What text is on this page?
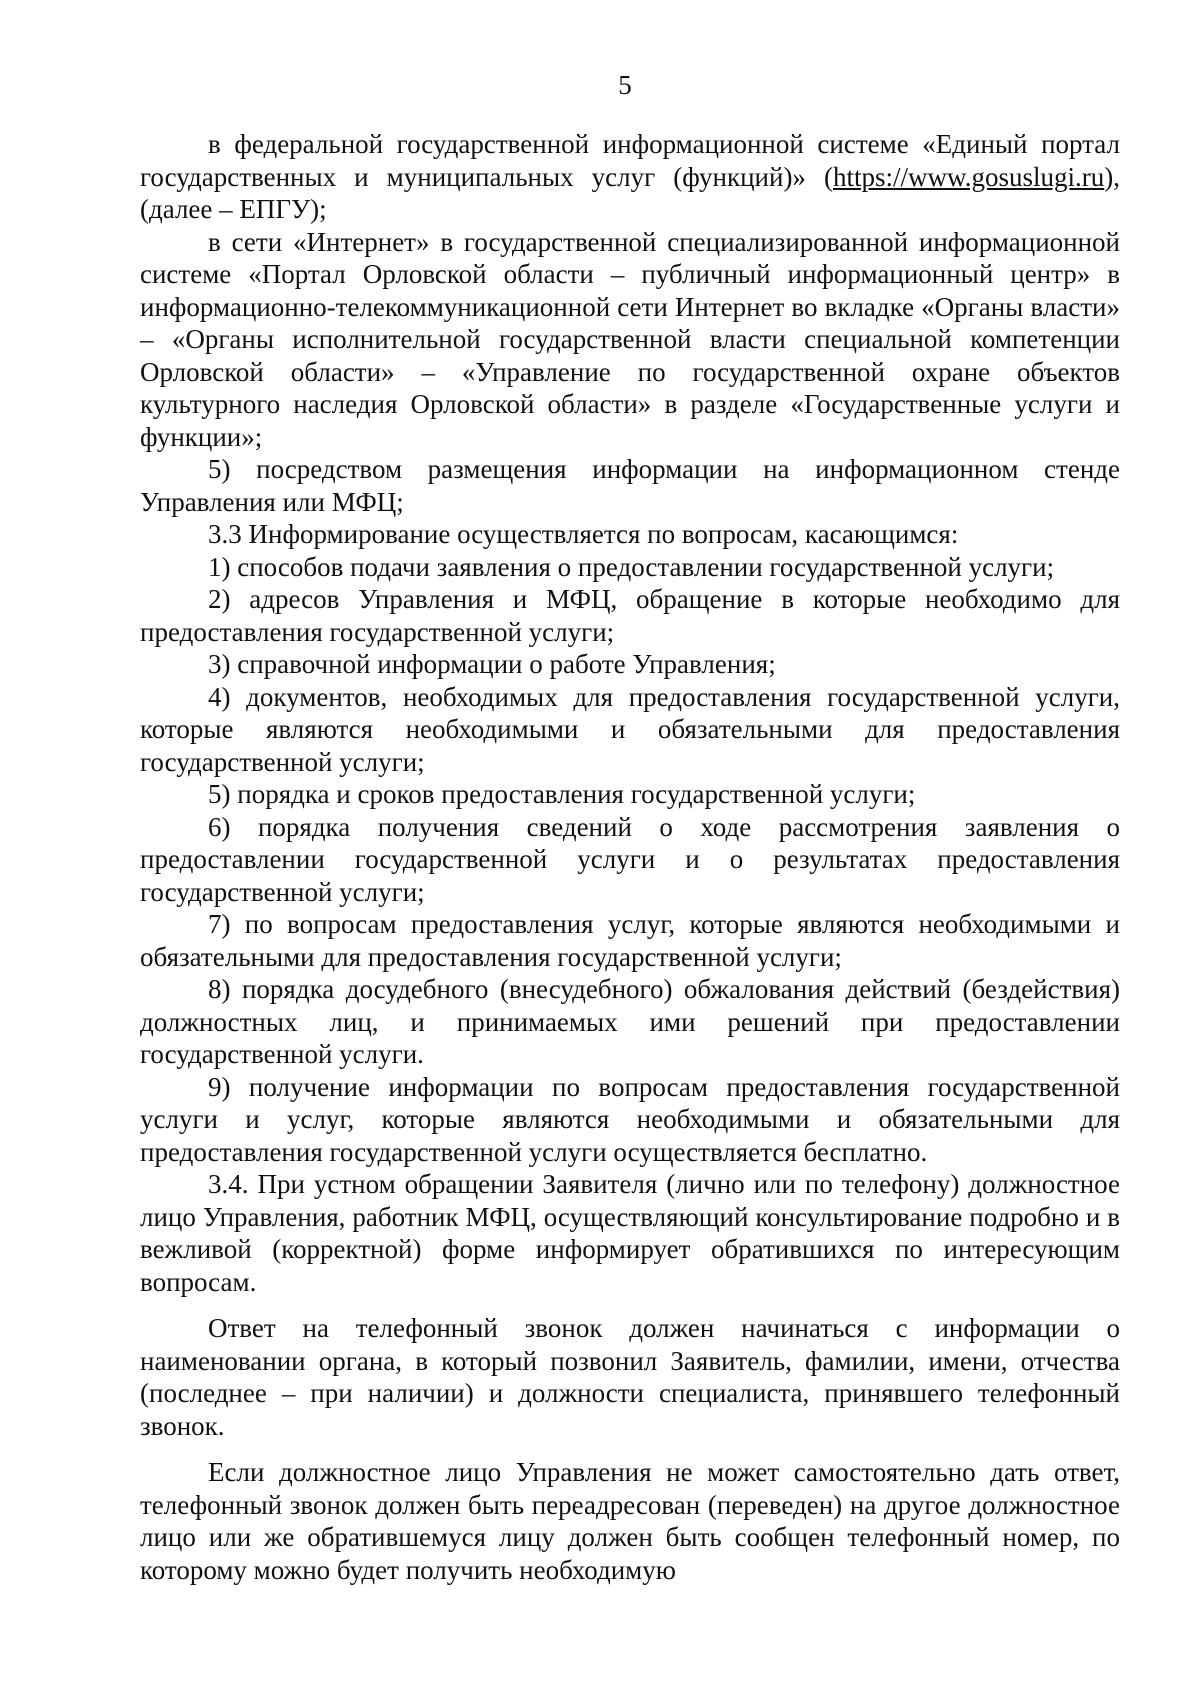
5

в федеральной государственной информационной системе «Единый портал государственных и муниципальных услуг (функций)» (https://www.gosuslugi.ru), (далее – ЕПГУ);

в сети «Интернет» в государственной специализированной информационной системе «Портал Орловской области – публичный информационный центр» в информационно-телекоммуникационной сети Интернет во вкладке «Органы власти» – «Органы исполнительной государственной власти специальной компетенции Орловской области» – «Управление по государственной охране объектов культурного наследия Орловской области» в разделе «Государственные услуги и функции»;

5) посредством размещения информации на информационном стенде Управления или МФЦ;

3.3 Информирование осуществляется по вопросам, касающимся:

1) способов подачи заявления о предоставлении государственной услуги;

2) адресов Управления и МФЦ, обращение в которые необходимо для предоставления государственной услуги;

3) справочной информации о работе Управления;

4) документов, необходимых для предоставления государственной услуги, которые являются необходимыми и обязательными для предоставления государственной услуги;

5) порядка и сроков предоставления государственной услуги;

6) порядка получения сведений о ходе рассмотрения заявления о предоставлении государственной услуги и о результатах предоставления государственной услуги;

7) по вопросам предоставления услуг, которые являются необходимыми и обязательными для предоставления государственной услуги;

8) порядка досудебного (внесудебного) обжалования действий (бездействия) должностных лиц, и принимаемых ими решений при предоставлении государственной услуги.

9) получение информации по вопросам предоставления государственной услуги и услуг, которые являются необходимыми и обязательными для предоставления государственной услуги осуществляется бесплатно.

3.4. При устном обращении Заявителя (лично или по телефону) должностное лицо Управления, работник МФЦ, осуществляющий консультирование подробно и в вежливой (корректной) форме информирует обратившихся по интересующим вопросам.

Ответ на телефонный звонок должен начинаться с информации о наименовании органа, в который позвонил Заявитель, фамилии, имени, отчества (последнее – при наличии) и должности специалиста, принявшего телефонный звонок.

Если должностное лицо Управления не может самостоятельно дать ответ, телефонный звонок должен быть переадресован (переведен) на другое должностное лицо или же обратившемуся лицу должен быть сообщен телефонный номер, по которому можно будет получить необходимую
